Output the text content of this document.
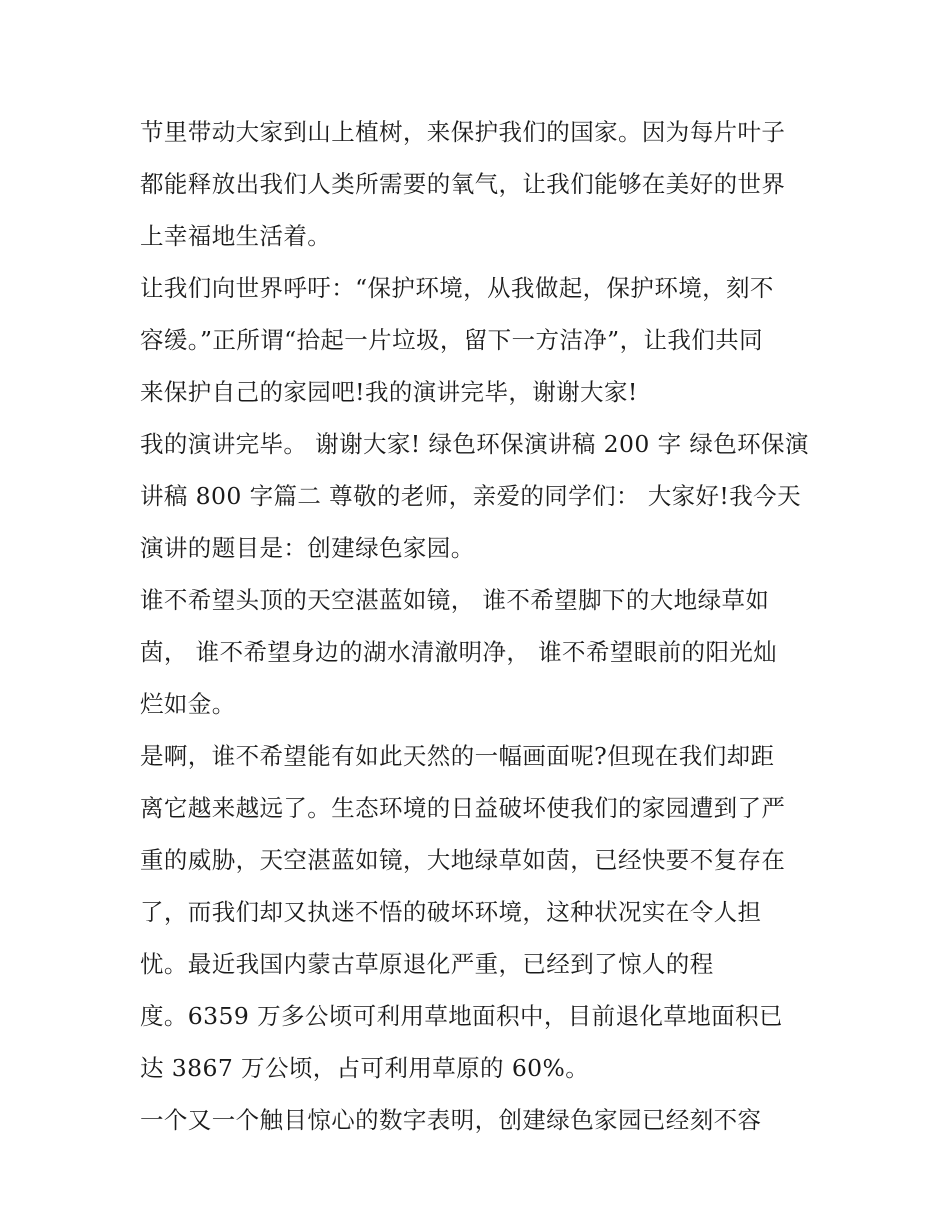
节里带动大家到山上植树，来保护我们的国家。因为每片叶子
都能释放出我们人类所需要的氧气，让我们能够在美好的世界
上幸福地生活着。
让我们向世界呼吁：“保护环境，从我做起，保护环境，刻不
容缓。”正所谓“拾起一片垃圾，留下一方洁净”，让我们共同
来保护自己的家园吧!我的演讲完毕，谢谢大家!
我的演讲完毕。 谢谢大家! 绿色环保演讲稿 200 字 绿色环保演
讲稿 800 字篇二 尊敬的老师，亲爱的同学们： 大家好!我今天
演讲的题目是：创建绿色家园。
谁不希望头顶的天空湛蓝如镜， 谁不希望脚下的大地绿草如
茵， 谁不希望身边的湖水清澈明净， 谁不希望眼前的阳光灿
烂如金。
是啊，谁不希望能有如此天然的一幅画面呢?但现在我们却距
离它越来越远了。生态环境的日益破坏使我们的家园遭到了严
重的威胁，天空湛蓝如镜，大地绿草如茵，已经快要不复存在
了，而我们却又执迷不悟的破坏环境，这种状况实在令人担
忧。最近我国内蒙古草原退化严重，已经到了惊人的程
度。6359 万多公顷可利用草地面积中，目前退化草地面积已
达 3867 万公顷，占可利用草原的 60%。
一个又一个触目惊心的数字表明，创建绿色家园已经刻不容
